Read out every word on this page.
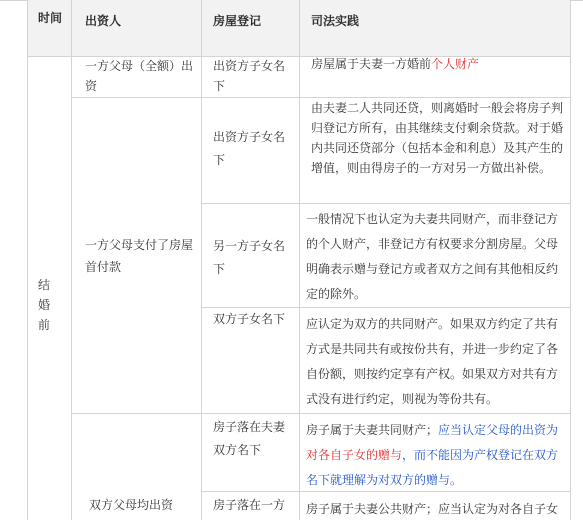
时间 出资人	房屋登记	司法实践
结婚前
一方父母（全额）出资
一方父母支付了房屋首付款
双方父母均出资
出资方子女名下
出资方子女名下
另一方子女名下
双方子女名下
房子落在夫妻双方名下
房子落在一方
房屋属于夫妻一方婚前个人财产
由夫妻二人共同还贷，则离婚时一般会将房子判归登记方所有，由其继续支付剩余贷款。对于婚内共同还贷部分（包括本金和利息）及其产生的增值，则由得房子的一方对另一方做出补偿。
一般情况下也认定为夫妻共同财产，而非登记方的个人财产，非登记方有权要求分割房屋。父母明确表示赠与登记方或者双方之间有其他相反约定的除外。
应认定为双方的共同财产。如果双方约定了共有方式是共同共有或按份共有，并进一步约定了各自份额，则按约定享有产权。如果双方对共有方式没有进行约定，则视为等份共有。
房子属于夫妻共同财产；应当认定父母的出资为对各自子女的赠与，而不能因为产权登记在双方名下就理解为对双方的赠与。
房子属于夫妻公共财产；应当认定为对各自子女
